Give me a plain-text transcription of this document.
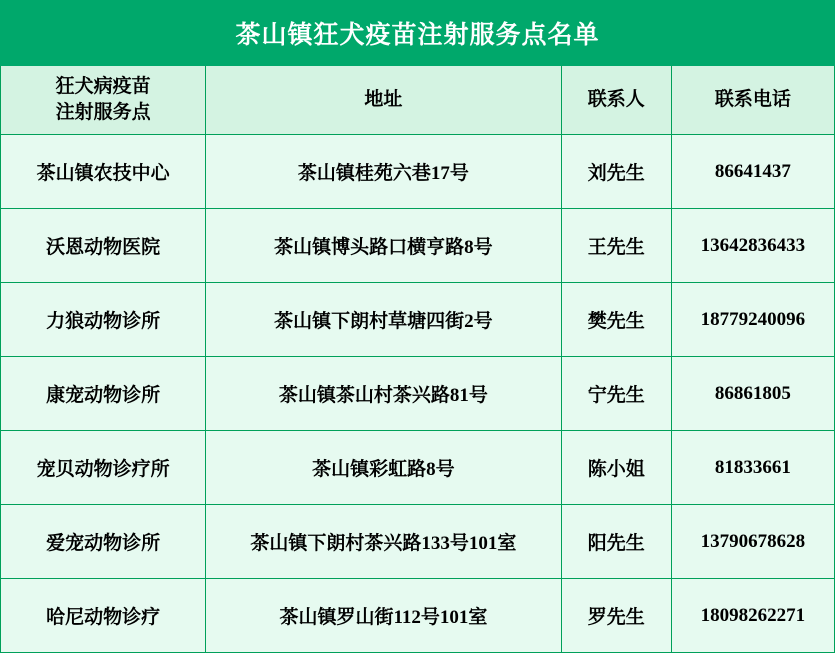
茶山镇狂犬疫苗注射服务点名单			

狂犬病疫苗
注射服务点	地址	联系人	联系电话
茶山镇农技中心	茶山镇桂苑六巷17号	刘先生	86641437
沃恩动物医院	茶山镇博头路口横亨路8号	王先生	13642836433
力狼动物诊所	茶山镇下朗村草塘四街2号	樊先生	18779240096
康宠动物诊所	茶山镇茶山村茶兴路81号	宁先生	86861805
宠贝动物诊疗所	茶山镇彩虹路8号	陈小姐	81833661
爱宠动物诊所	茶山镇下朗村茶兴路133号101室	阳先生	13790678628
哈尼动物诊疗	茶山镇罗山街112号101室	罗先生	18098262271
